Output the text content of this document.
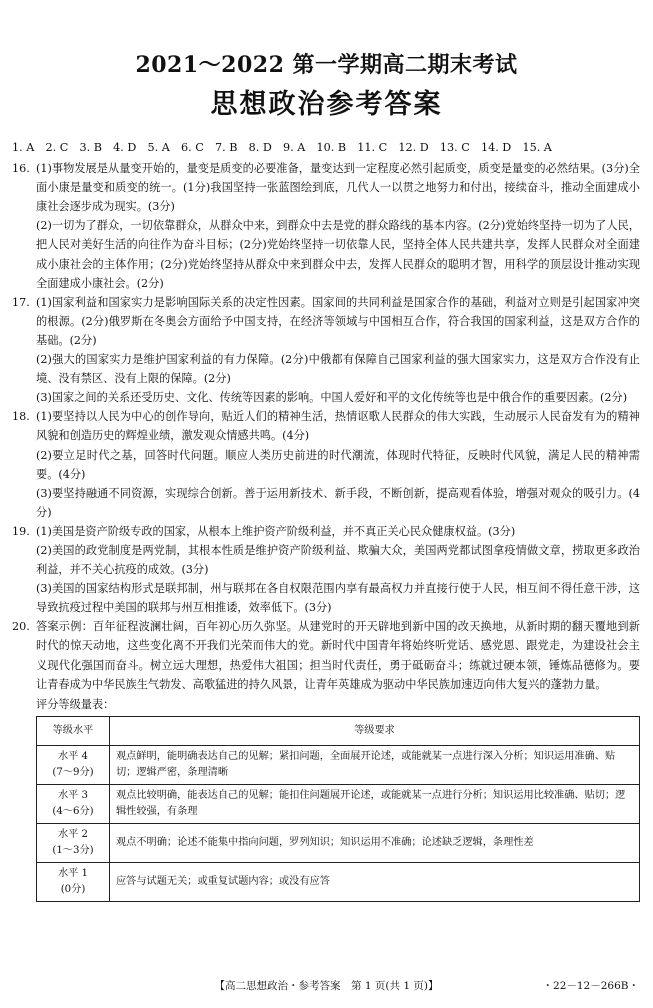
2021～2022 第一学期高二期末考试
思想政治参考答案
1. A　2. C　3. B　4. D　5. A　6. C　7. B　8. D　9. A　10. B　11. C　12. D　13. C　14. D　15. A
16. (1)事物发展是从量变开始的，量变是质变的必要准备，量变达到一定程度必然引起质变，质变是量变的必然结果。(3分)全面小康是量变和质变的统一。(1分)我国坚持一张蓝图绘到底，几代人一以贯之地努力和付出，接续奋斗，推动全面建成小康社会逐步成为现实。(3分)

(2)一切为了群众，一切依靠群众，从群众中来，到群众中去是党的群众路线的基本内容。(2分)党始终坚持一切为了人民，把人民对美好生活的向往作为奋斗目标；(2分)党始终坚持一切依靠人民，坚持全体人民共建共享，发挥人民群众对全面建成小康社会的主体作用；(2分)党始终坚持从群众中来到群众中去，发挥人民群众的聪明才智，用科学的顶层设计推动实现全面建成小康社会。(2分)

17. (1)国家利益和国家实力是影响国际关系的决定性因素。国家间的共同利益是国家合作的基础，利益对立则是引起国家冲突的根源。(2分)俄罗斯在冬奥会方面给予中国支持，在经济等领域与中国相互合作，符合我国的国家利益，这是双方合作的基础。(2分)

(2)强大的国家实力是维护国家利益的有力保障。(2分)中俄都有保障自己国家利益的强大国家实力，这是双方合作没有止境、没有禁区、没有上限的保障。(2分)

(3)国家之间的关系还受历史、文化、传统等因素的影响。中国人爱好和平的文化传统等也是中俄合作的重要因素。(2分)

18. (1)要坚持以人民为中心的创作导向，贴近人们的精神生活，热情讴歌人民群众的伟大实践，生动展示人民奋发有为的精神风貌和创造历史的辉煌业绩，激发观众情感共鸣。(4分)

(2)要立足时代之基，回答时代问题。顺应人类历史前进的时代潮流，体现时代特征，反映时代风貌，满足人民的精神需要。(4分)

(3)要坚持融通不同资源，实现综合创新。善于运用新技术、新手段，不断创新，提高观看体验，增强对观众的吸引力。(4分)

19. (1)美国是资产阶级专政的国家，从根本上维护资产阶级利益，并不真正关心民众健康权益。(3分)

(2)美国的政党制度是两党制，其根本性质是维护资产阶级利益、欺骗大众，美国两党都试图拿疫情做文章，捞取更多政治利益，并不关心抗疫的成效。(3分)

(3)美国的国家结构形式是联邦制，州与联邦在各自权限范围内享有最高权力并直接行使于人民，相互间不得任意干涉，这导致抗疫过程中美国的联邦与州互相推诿，效率低下。(3分)

20. 答案示例：百年征程波澜壮阔，百年初心历久弥坚。从建党时的开天辟地到新中国的改天换地，从新时期的翻天覆地到新时代的惊天动地，这些变化离不开我们光荣而伟大的党。新时代中国青年将始终听党话、感党恩、跟党走，为建设社会主义现代化强国而奋斗。树立远大理想，热爱伟大祖国；担当时代责任，勇于砥砺奋斗；练就过硬本领，锤炼品德修为。要让青春成为中华民族生气勃发、高歌猛进的持久风景，让青年英雄成为驱动中华民族加速迈向伟大复兴的蓬勃力量。

评分等级量表：
等级水平	等级要求
水平 4
(7～9分)	观点鲜明，能明确表达自己的见解；紧扣问题，全面展开论述，或能就某一点进行深入分析；知识运用准确、贴切；逻辑严密，条理清晰
水平 3
(4～6分)	观点比较明确，能表达自己的见解；能扣住问题展开论述，或能就某一点进行分析；知识运用比较准确、贴切；逻辑性较强，有条理
水平 2
(1～3分)	观点不明确；论述不能集中指向问题，罗列知识；知识运用不准确；论述缺乏逻辑，条理性差
水平 1
(0分)	应答与试题无关；或重复试题内容；或没有应答
【高二思想政治・参考答案　第 1 页(共 1 页)】	・22－12－266B・
